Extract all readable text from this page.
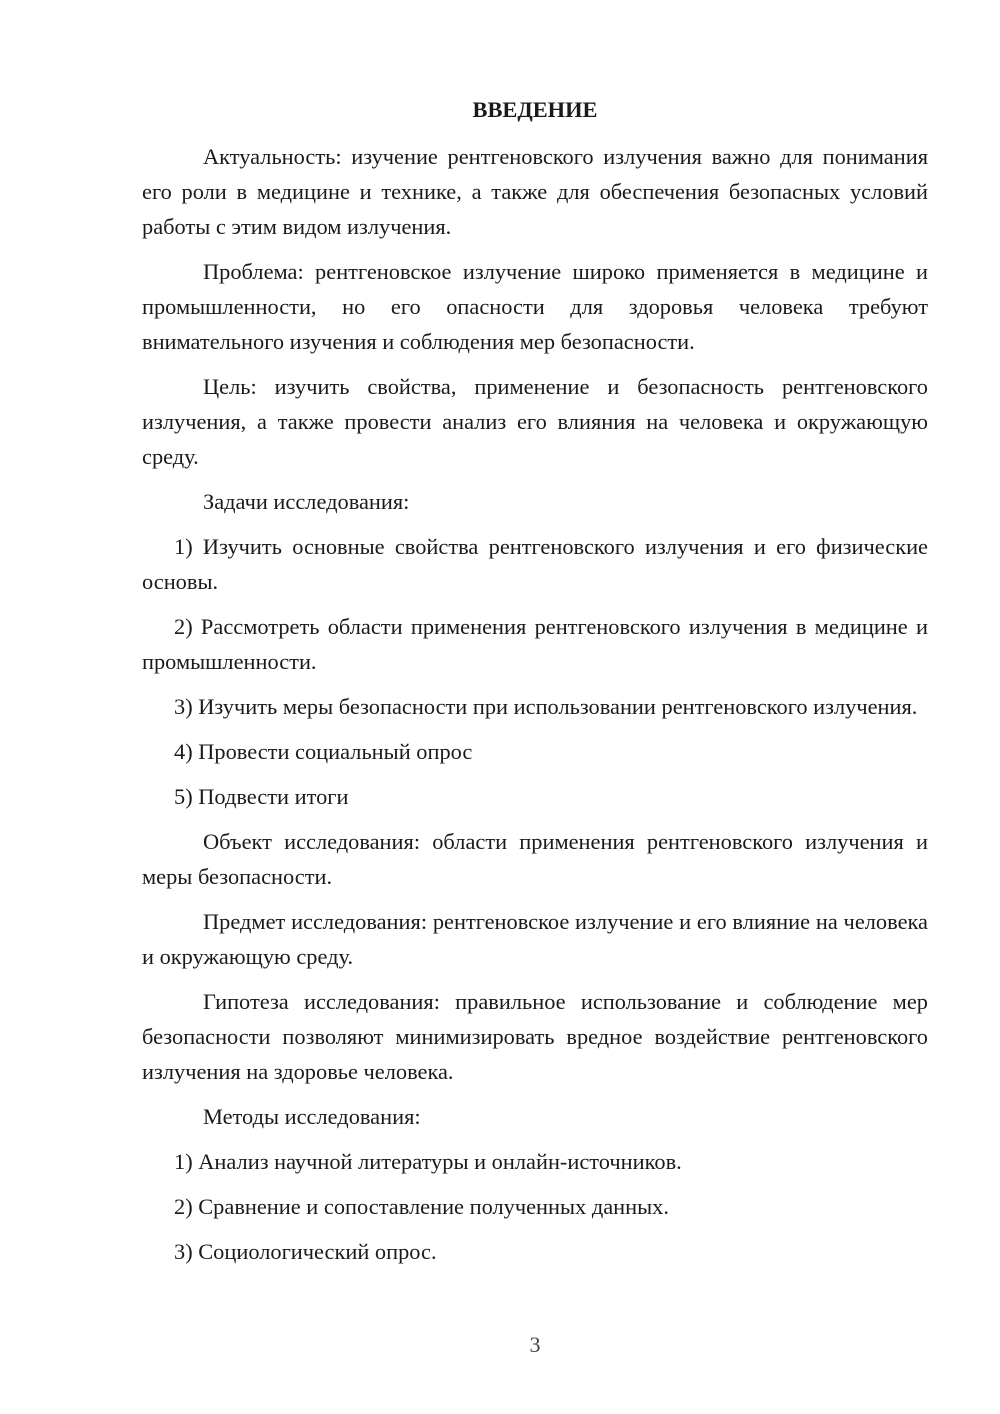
ВВЕДЕНИЕ

Актуальность: изучение рентгеновского излучения важно для понимания его роли в медицине и технике, а также для обеспечения безопасных условий работы с этим видом излучения.

Проблема: рентгеновское излучение широко применяется в медицине и промышленности, но его опасности для здоровья человека требуют внимательного изучения и соблюдения мер безопасности.

Цель: изучить свойства, применение и безопасность рентгеновского излучения, а также провести анализ его влияния на человека и окружающую среду.

Задачи исследования:

1) Изучить основные свойства рентгеновского излучения и его физические основы.

2) Рассмотреть области применения рентгеновского излучения в медицине и промышленности.

3) Изучить меры безопасности при использовании рентгеновского излучения.

4) Провести социальный опрос

5) Подвести итоги

Объект исследования: области применения рентгеновского излучения и меры безопасности.

Предмет исследования: рентгеновское излучение и его влияние на человека и окружающую среду.

Гипотеза исследования: правильное использование и соблюдение мер безопасности позволяют минимизировать вредное воздействие рентгеновского излучения на здоровье человека.

Методы исследования:

1) Анализ научной литературы и онлайн-источников.

2) Сравнение и сопоставление полученных данных.

3) Социологический опрос.

3
